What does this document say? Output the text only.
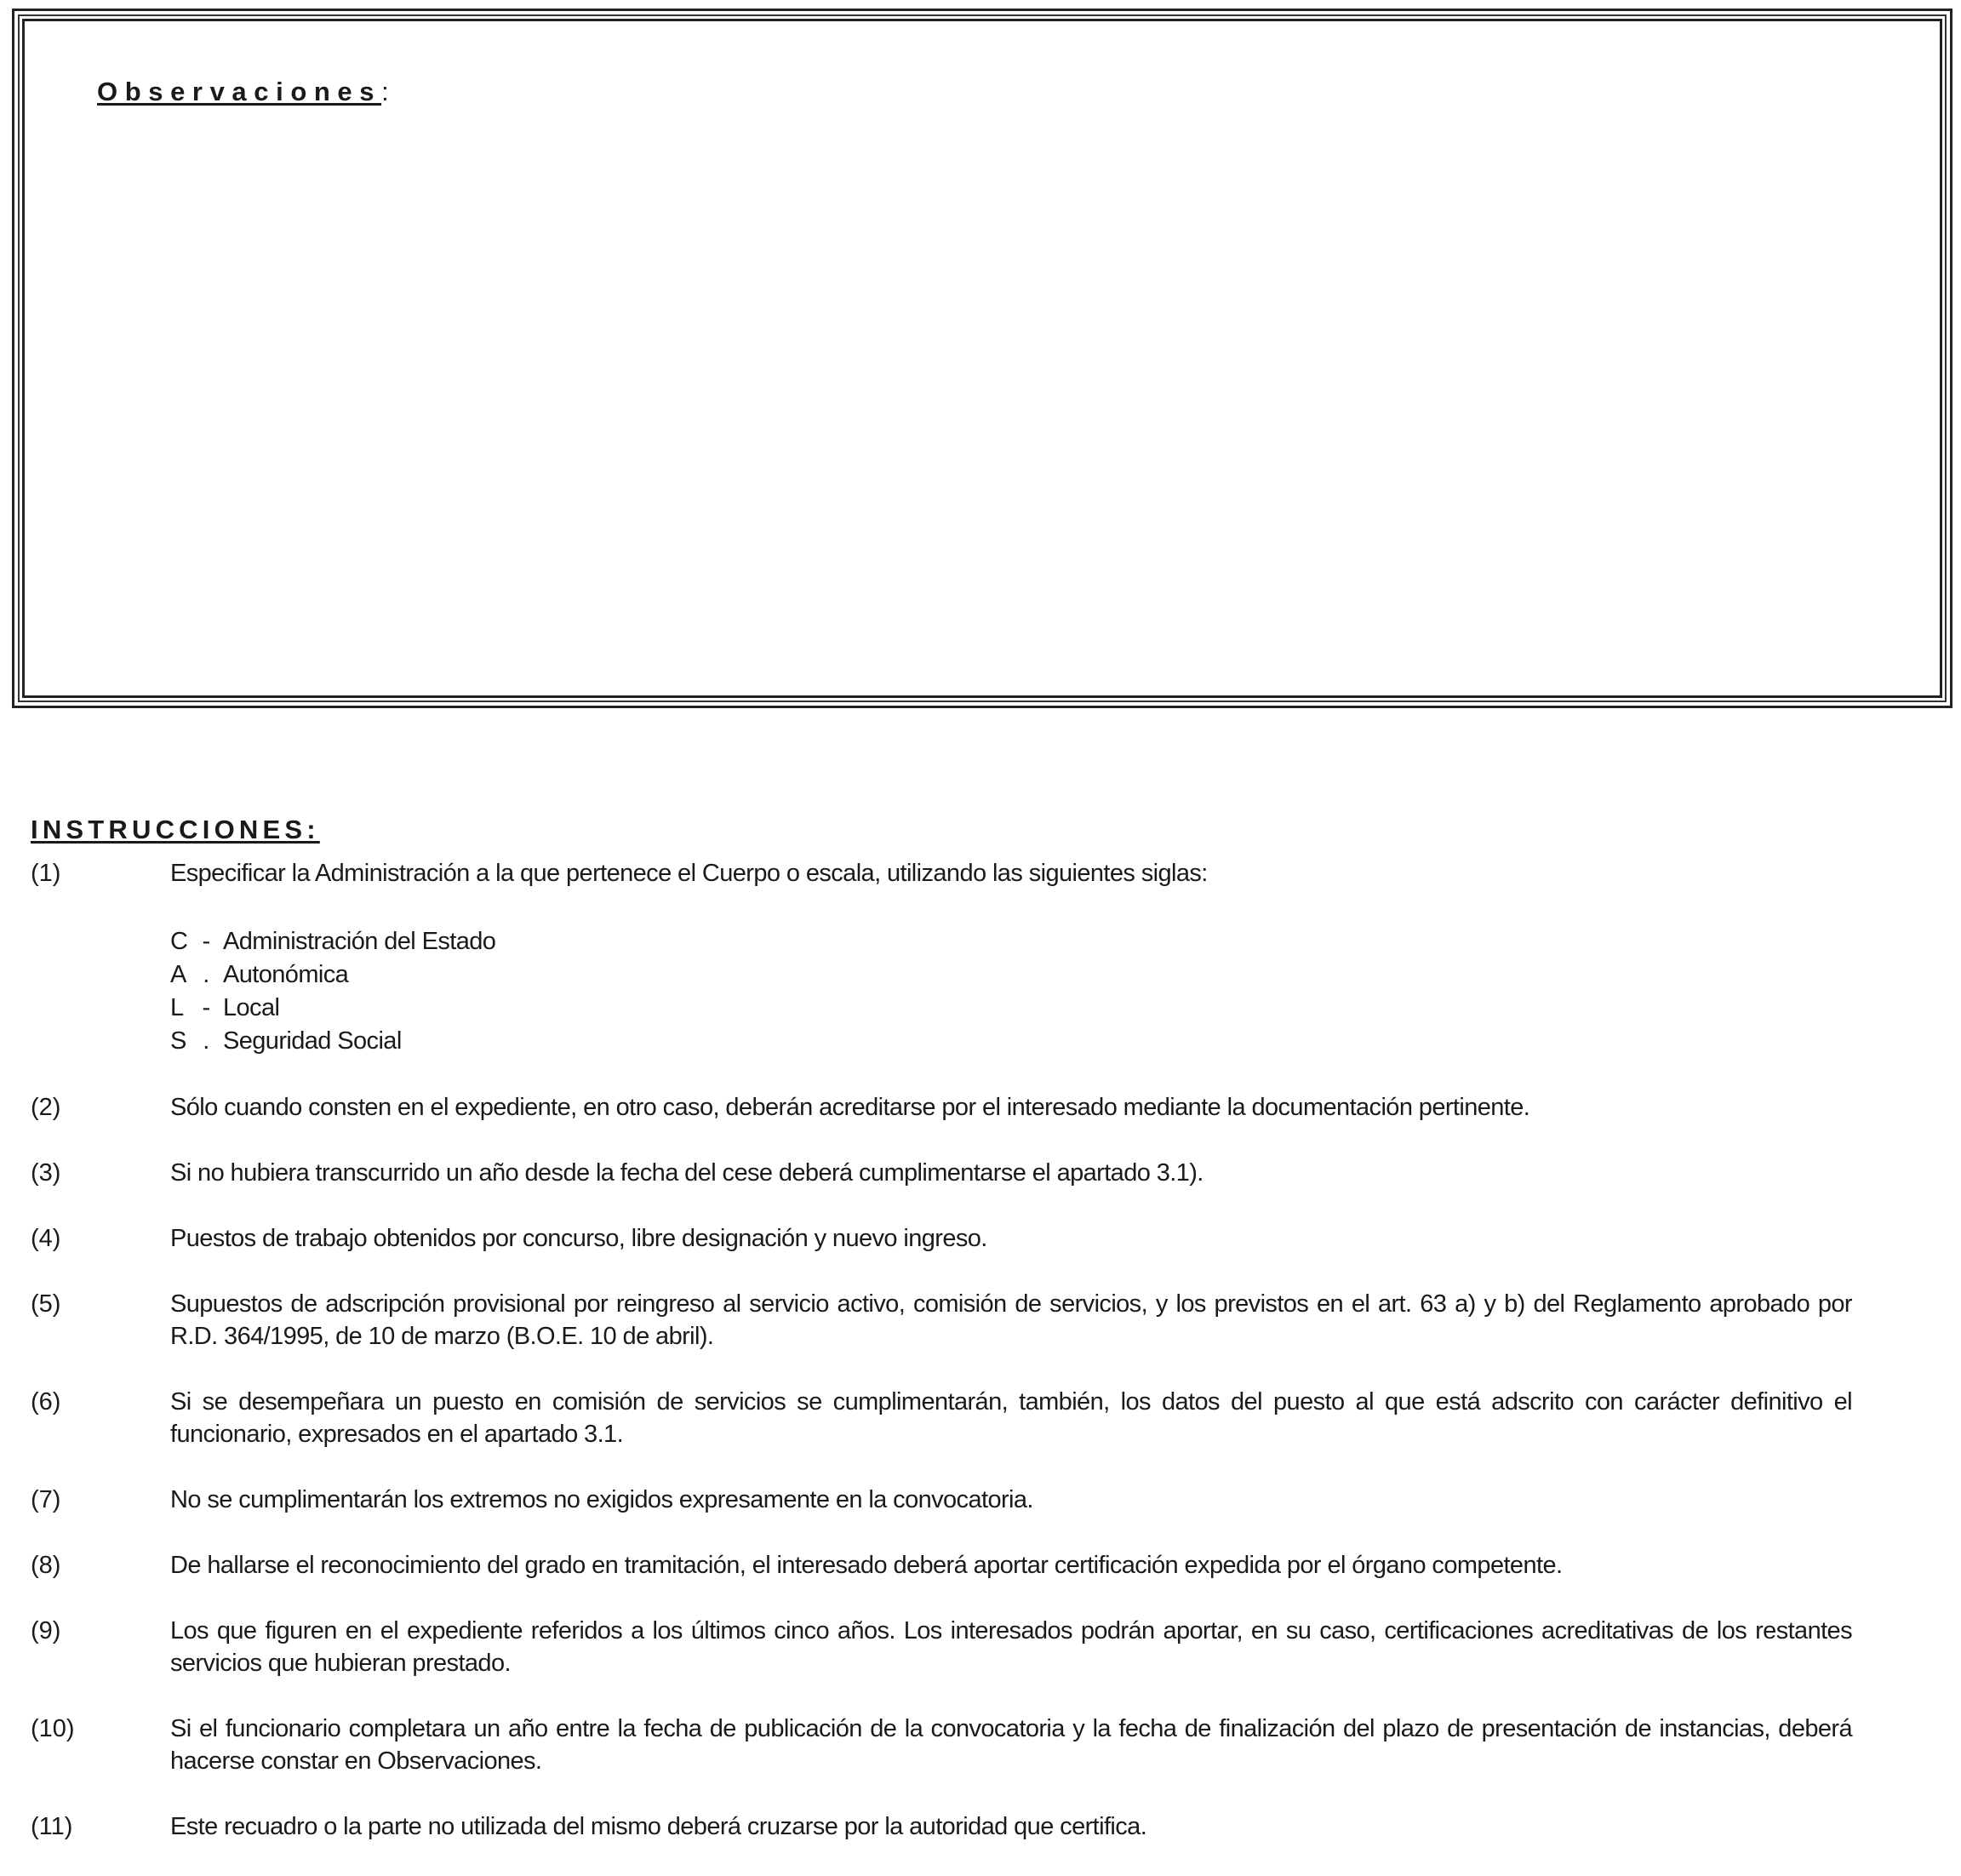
Observaciones:
INSTRUCCIONES:
(1)	Especificar la Administración a la que pertenece el Cuerpo o escala, utilizando las siguientes siglas:
C - Administración del Estado
A . Autonómica
L - Local
S . Seguridad Social
(2)	Sólo cuando consten en el expediente, en otro caso, deberán acreditarse por el interesado mediante la documentación pertinente.
(3)	Si no hubiera transcurrido un año desde la fecha del cese deberá cumplimentarse el apartado 3.1).
(4)	Puestos de trabajo obtenidos por concurso, libre designación y nuevo ingreso.
(5)	Supuestos de adscripción provisional por reingreso al servicio activo, comisión de servicios, y los previstos en el art. 63 a) y b) del Reglamento aprobado por R.D. 364/1995, de 10 de marzo (B.O.E. 10 de abril).
(6)	Si se desempeñara un puesto en comisión de servicios se cumplimentarán, también, los datos del puesto al que está adscrito con carácter definitivo el funcionario, expresados en el apartado 3.1.
(7)	No se cumplimentarán los extremos no exigidos expresamente en la convocatoria.
(8)	De hallarse el reconocimiento del grado en tramitación, el interesado deberá aportar certificación expedida por el órgano competente.
(9)	Los que figuren en el expediente referidos a los últimos cinco años. Los interesados podrán aportar, en su caso, certificaciones acreditativas de los restantes servicios que hubieran prestado.
(10)	Si el funcionario completara un año entre la fecha de publicación de la convocatoria y la fecha de finalización del plazo de presentación de instancias, deberá hacerse constar en Observaciones.
(11)	Este recuadro o la parte no utilizada del mismo deberá cruzarse por la autoridad que certifica.
